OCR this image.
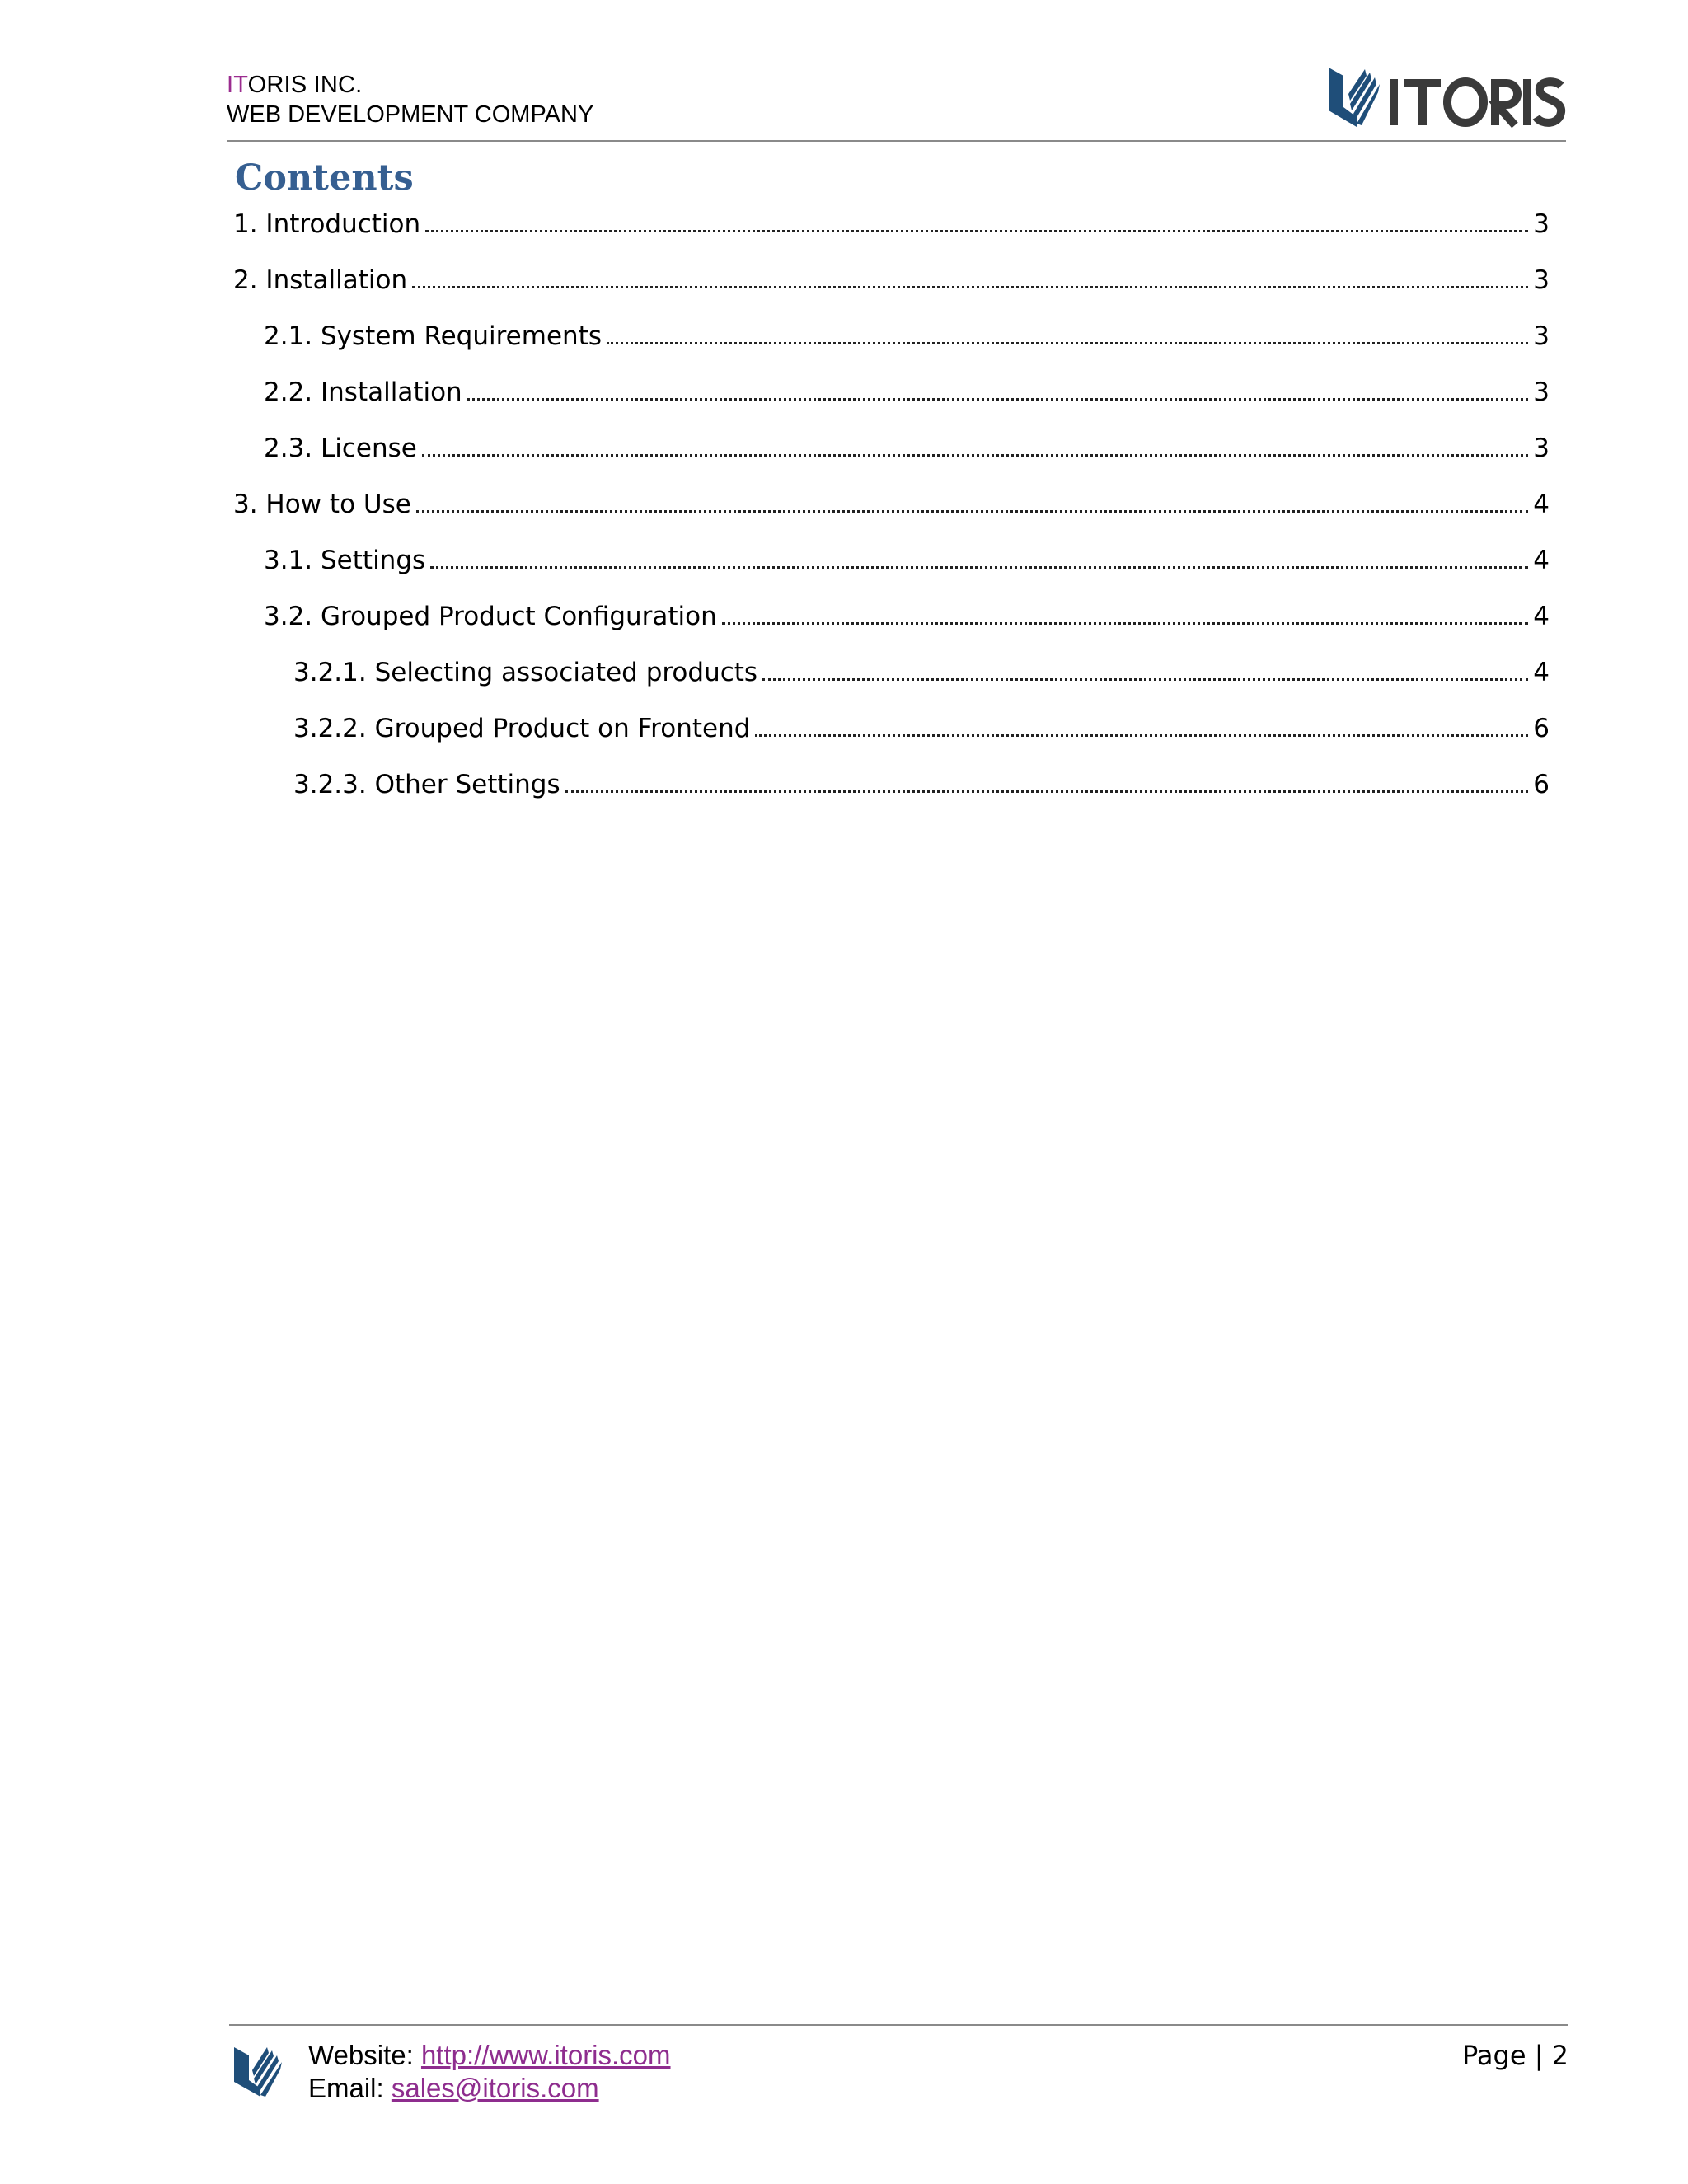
ITORIS INC.
WEB DEVELOPMENT COMPANY
Contents
1. Introduction	3
2. Installation	3
2.1. System Requirements	3
2.2. Installation	3
2.3. License	3
3. How to Use	4
3.1. Settings	4
3.2. Grouped Product Configuration	4
3.2.1. Selecting associated products	4
3.2.2. Grouped Product on Frontend	6
3.2.3. Other Settings	6
Website: http://www.itoris.com
Email: sales@itoris.com
Page | 2
